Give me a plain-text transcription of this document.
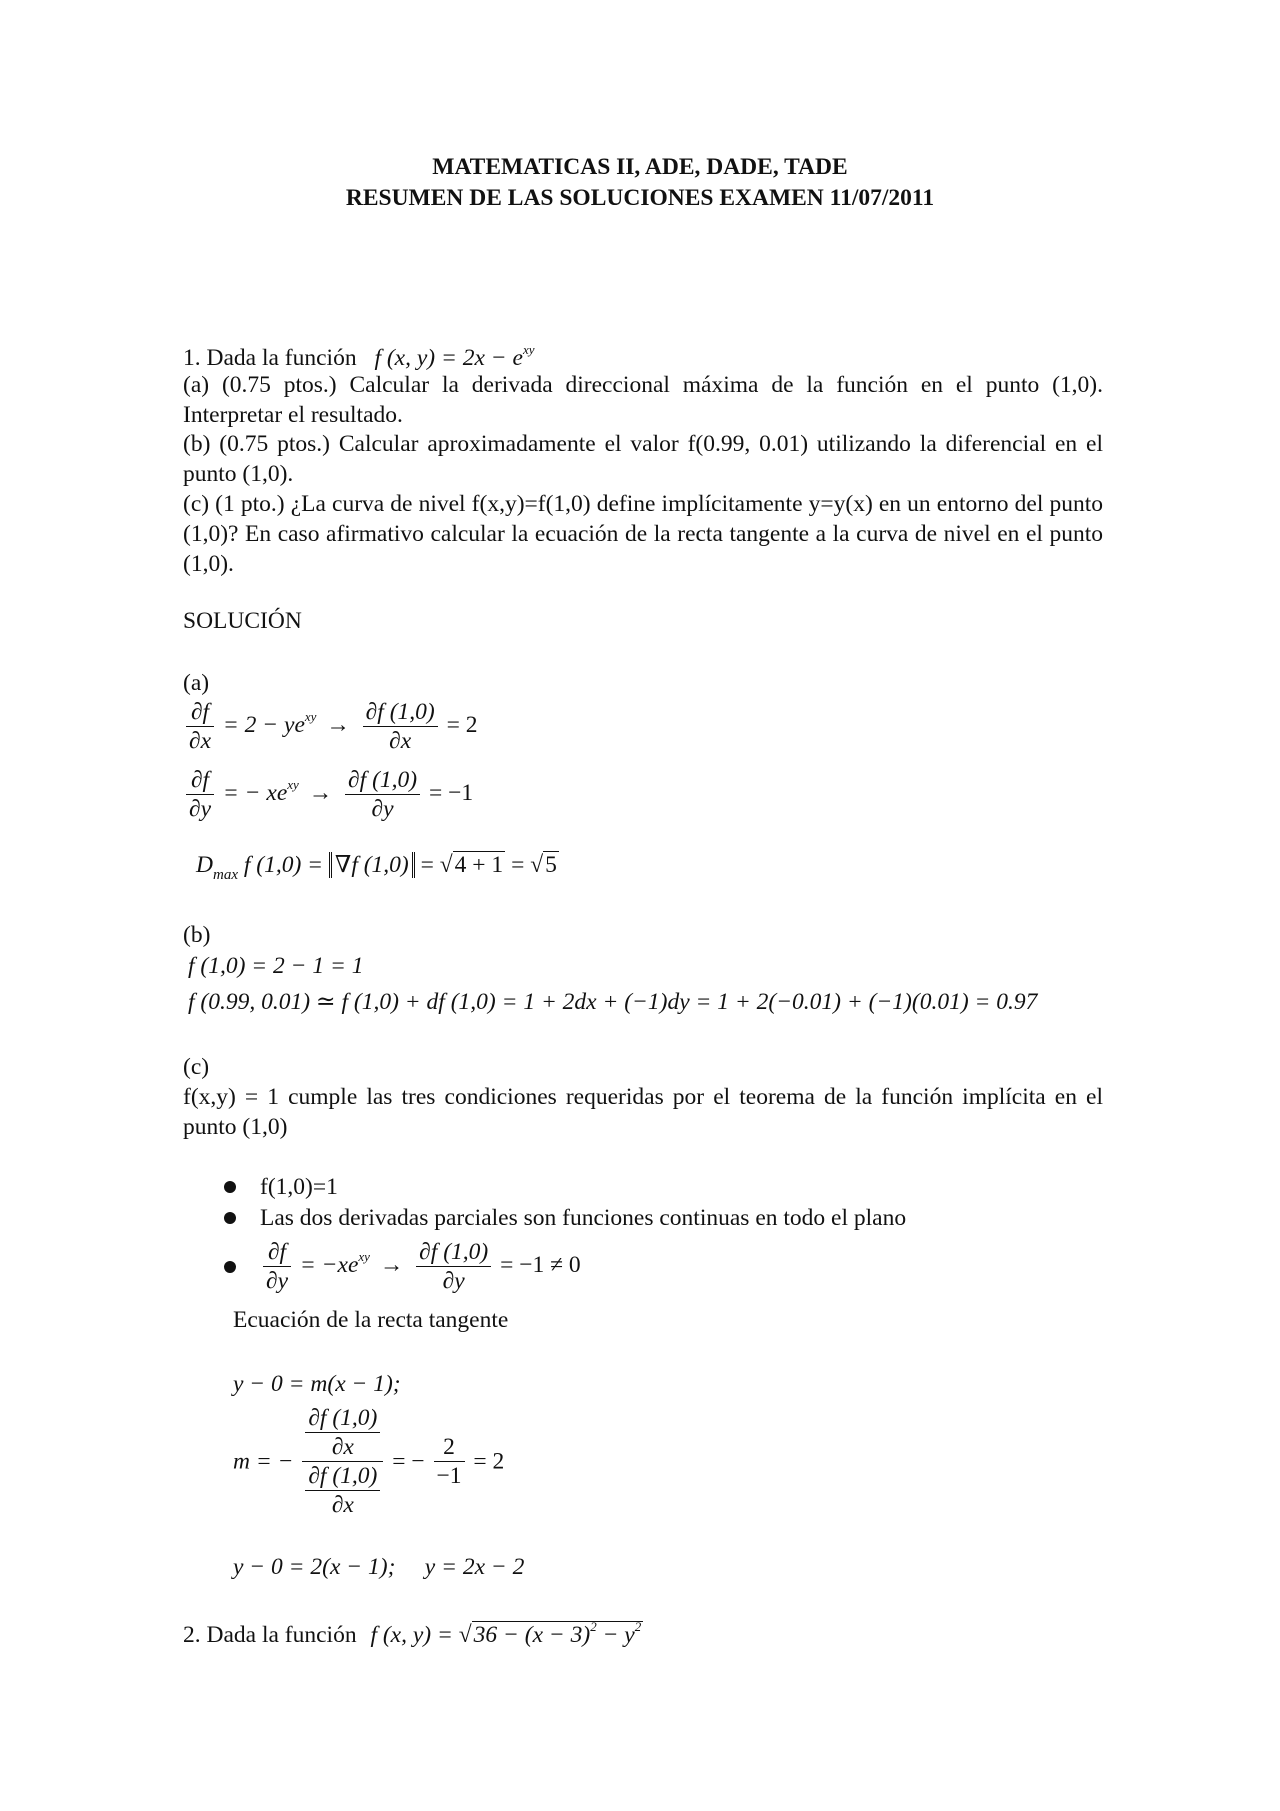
MATEMATICAS II, ADE, DADE, TADE
RESUMEN DE LAS SOLUCIONES EXAMEN 11/07/2011
1. Dada la función f (x, $y) = 2x - e^{xy}$
(a) (0.75 ptos.) Calcular la derivada direccional máxima de la función en el punto (1,0). Interpretar el resultado.
(b) (0.75 ptos.) Calcular aproximadamente el valor f(0.99, 0.01) utilizando la diferencial en el punto (1,0).
(c) (1 pto.) ¿La curva de nivel f(x,y)=f(1,0) define implícitamente y=y(x) en un entorno del punto (1,0)? En caso afirmativo calcular la ecuación de la recta tangente a la curva de nivel en el punto (1,0).
SOLUCIÓN
(a)
$\frac{\partial f}{\partial x} = 2 - ye^{xy} \to \frac{\partial f (1,0)}{\partial x} = 2$
$\frac{\partial f}{\partial y}$ = − $xe^{xy} \to \frac{\partial f (1,0)}{\partial y} = -1$
$D_{max}$ f (1,0) = ∇f (1,0) = √4 + 1 = √5
(b)
f (1,0) = 2 − 1 = 1
f (0.99, 0.01) ≃ f (1,0) + df (1,0) = 1 + 2dx + (−1)dy = 1 + 2(−0.01) + (−1)(0.01) = 0.97
(c)
f(x,y) = 1 cumple las tres condiciones requeridas por el teorema de la función implícita en el punto (1,0)
f(1,0)=1
Las dos derivadas parciales son funciones continuas en todo el plano
$\frac{\partial f}{\partial y} = -xe^{xy} \to \frac{\partial f (1,0)}{\partial y} = -1 \ne 0$
Ecuación de la recta tangente
y − 0 = m(x − 1);
m = − $\frac{\frac{\partial f (1,0)}{\partial x}}{\frac{\partial f (1,0)}{\partial x}}$ = − $\frac{2}{-1} = 2$
y − 0 = 2(x − 1);     y = 2x − 2
2. Dada la función f (x, $y) = √36 - (x - 3)^2 - y^2$
